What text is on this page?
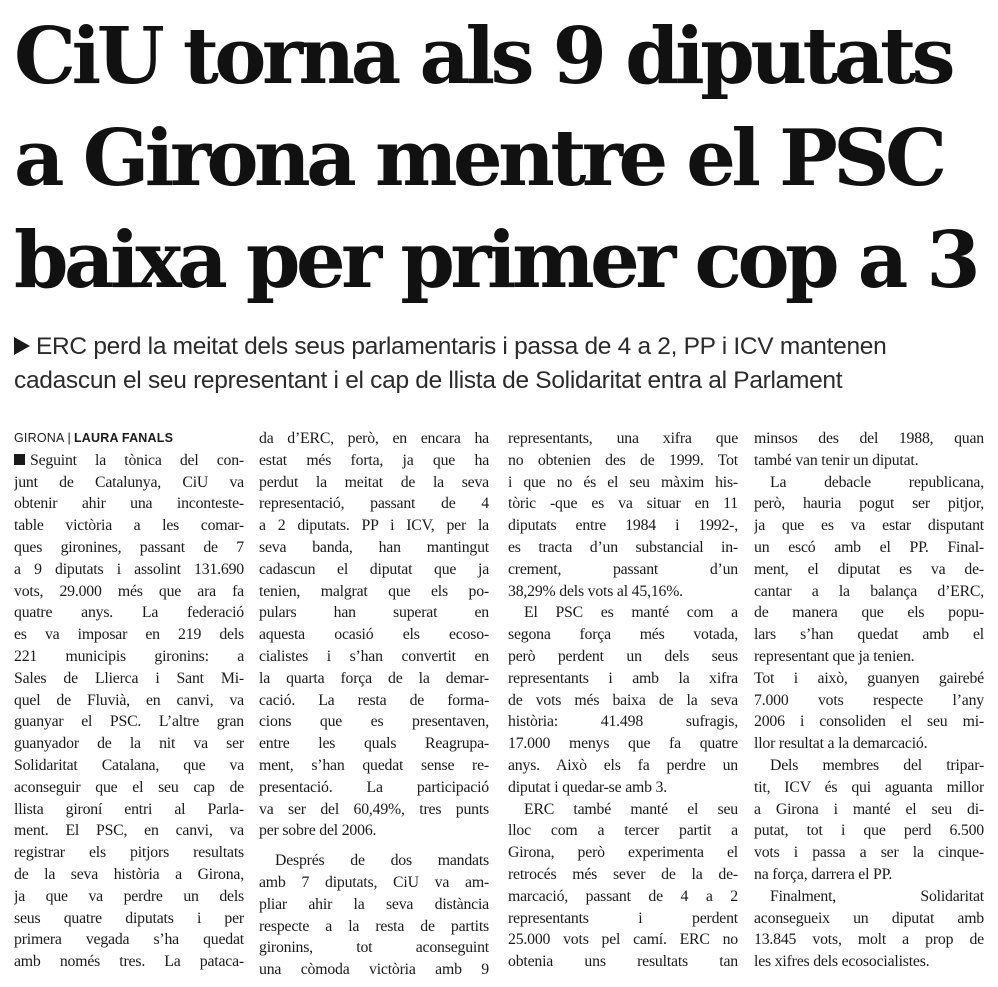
CiU torna als 9 diputats
a Girona mentre el PSC
baixa per primer cop a 3
ERC perd la meitat dels seus parlamentaris i passa de 4 a 2, PP i ICV mantenen
cadascun el seu representant i el cap de llista de Solidaritat entra al Parlament
GIRONA | LAURA FANALS
Seguint la tònica del con-
junt de Catalunya, CiU va
obtenir ahir una inconteste-
table victòria a les comar-
ques gironines, passant de 7
a 9 diputats i assolint 131.690
vots, 29.000 més que ara fa
quatre anys. La federació
es va imposar en 219 dels
221 municipis gironins: a
Sales de Llierca i Sant Mi-
quel de Fluvià, en canvi, va
guanyar el PSC. L’altre gran
guanyador de la nit va ser
Solidaritat Catalana, que va
aconseguir que el seu cap de
llista gironí entri al Parla-
ment. El PSC, en canvi, va
registrar els pitjors resultats
de la seva història a Girona,
ja que va perdre un dels
seus quatre diputats i per
primera vegada s’ha quedat
amb només tres. La pataca-
da d’ERC, però, en encara ha
estat més forta, ja que ha
perdut la meitat de la seva
representació, passant de 4
a 2 diputats. PP i ICV, per la
seva banda, han mantingut
cadascun el diputat que ja
tenien, malgrat que els po-
pulars han superat en
aquesta ocasió els ecoso-
cialistes i s’han convertit en
la quarta força de la demar-
cació. La resta de forma-
cions que es presentaven,
entre les quals Reagrupa-
ment, s’han quedat sense re-
presentació. La participació
va ser del 60,49%, tres punts
per sobre del 2006.
Després de dos mandats
amb 7 diputats, CiU va am-
pliar ahir la seva distància
respecte a la resta de partits
gironins, tot aconseguint
una còmoda victòria amb 9
representants, una xifra que
no obtenien des de 1999. Tot
i que no és el seu màxim his-
tòric -que es va situar en 11
diputats entre 1984 i 1992-,
es tracta d’un substancial in-
crement, passant d’un
38,29% dels vots al 45,16%.
El PSC es manté com a
segona força més votada,
però perdent un dels seus
representants i amb la xifra
de vots més baixa de la seva
història: 41.498 sufragis,
17.000 menys que fa quatre
anys. Això els fa perdre un
diputat i quedar-se amb 3.
ERC també manté el seu
lloc com a tercer partit a
Girona, però experimenta el
retrocés més sever de la de-
marcació, passant de 4 a 2
representants i perdent
25.000 vots pel camí. ERC no
obtenia uns resultats tan
minsos des del 1988, quan
també van tenir un diputat.
La debacle republicana,
però, hauria pogut ser pitjor,
ja que es va estar disputant
un escó amb el PP. Final-
ment, el diputat es va de-
cantar a la balança d’ERC,
de manera que els popu-
lars s’han quedat amb el
representant que ja tenien.
Tot i això, guanyen gairebé
7.000 vots respecte l’any
2006 i consoliden el seu mi-
llor resultat a la demarcació.
Dels membres del tripar-
tit, ICV és qui aguanta millor
a Girona i manté el seu di-
putat, tot i que perd 6.500
vots i passa a ser la cinque-
na força, darrera el PP.
Finalment, Solidaritat
aconsegueix un diputat amb
13.845 vots, molt a prop de
les xifres dels ecosocialistes.
